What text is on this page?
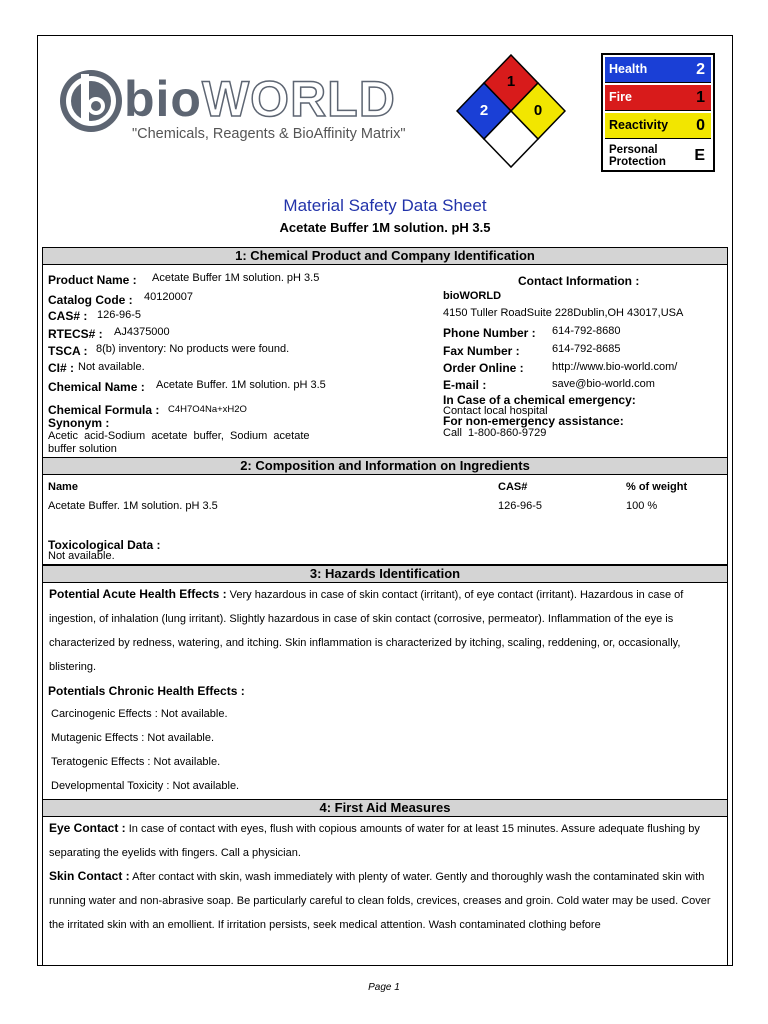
bioWORLD
"Chemicals, Reagents & BioAffinity Matrix"
1
2	0
Health	2
Fire	1
Reactivity 0
Personal
Protection E
Material Safety Data Sheet
Acetate Buffer 1M solution. pH 3.5
1: Chemical Product and Company Identification
Product Name : Acetate Buffer 1M solution. pH 3.5
Catalog Code : 40120007
CAS# : 126-96-5
RTECS# : AJ4375000
TSCA : 8(b) inventory: No products were found.
CI# : Not available.
Chemical Name : Acetate Buffer. 1M solution. pH 3.5
Chemical Formula : C4H7O4Na+xH2O
Synonym :
Acetic  acid-Sodium  acetate  buffer,  Sodium  acetate
buffer solution
Contact Information :
bioWORLD
4150 Tuller RoadSuite 228Dublin,OH 43017,USA
Phone Number : 614-792-8680
Fax Number :	614-792-8685
Order Online :	http://www.bio-world.com/
E-mail :	save@bio-world.com
In Case of a chemical emergency:
Contact local hospital
For non-emergency assistance:
Call  1-800-860-9729
2: Composition and Information on Ingredients
Name	CAS#	% of weight
Acetate Buffer. 1M solution. pH 3.5	126-96-5	100 %
Toxicological Data :
Not available.
3: Hazards Identification
Potential Acute Health Effects : Very hazardous in case of skin contact (irritant), of eye contact (irritant). Hazardous in case of ingestion, of inhalation (lung irritant). Slightly hazardous in case of skin contact (corrosive, permeator). Inflammation of the eye is characterized by redness, watering, and itching. Skin inflammation is characterized by itching, scaling, reddening, or, occasionally, blistering.
Potentials Chronic Health Effects :
Carcinogenic Effects : Not available.
Mutagenic Effects : Not available.
Teratogenic Effects : Not available.
Developmental Toxicity : Not available.
4: First Aid Measures
Eye Contact : In case of contact with eyes, flush with copious amounts of water for at least 15 minutes. Assure adequate flushing by separating the eyelids with fingers. Call a physician.
Skin Contact : After contact with skin, wash immediately with plenty of water. Gently and thoroughly wash the contaminated skin with running water and non-abrasive soap. Be particularly careful to clean folds, crevices, creases and groin. Cold water may be used. Cover the irritated skin with an emollient. If irritation persists, seek medical attention. Wash contaminated clothing before
Page 1
